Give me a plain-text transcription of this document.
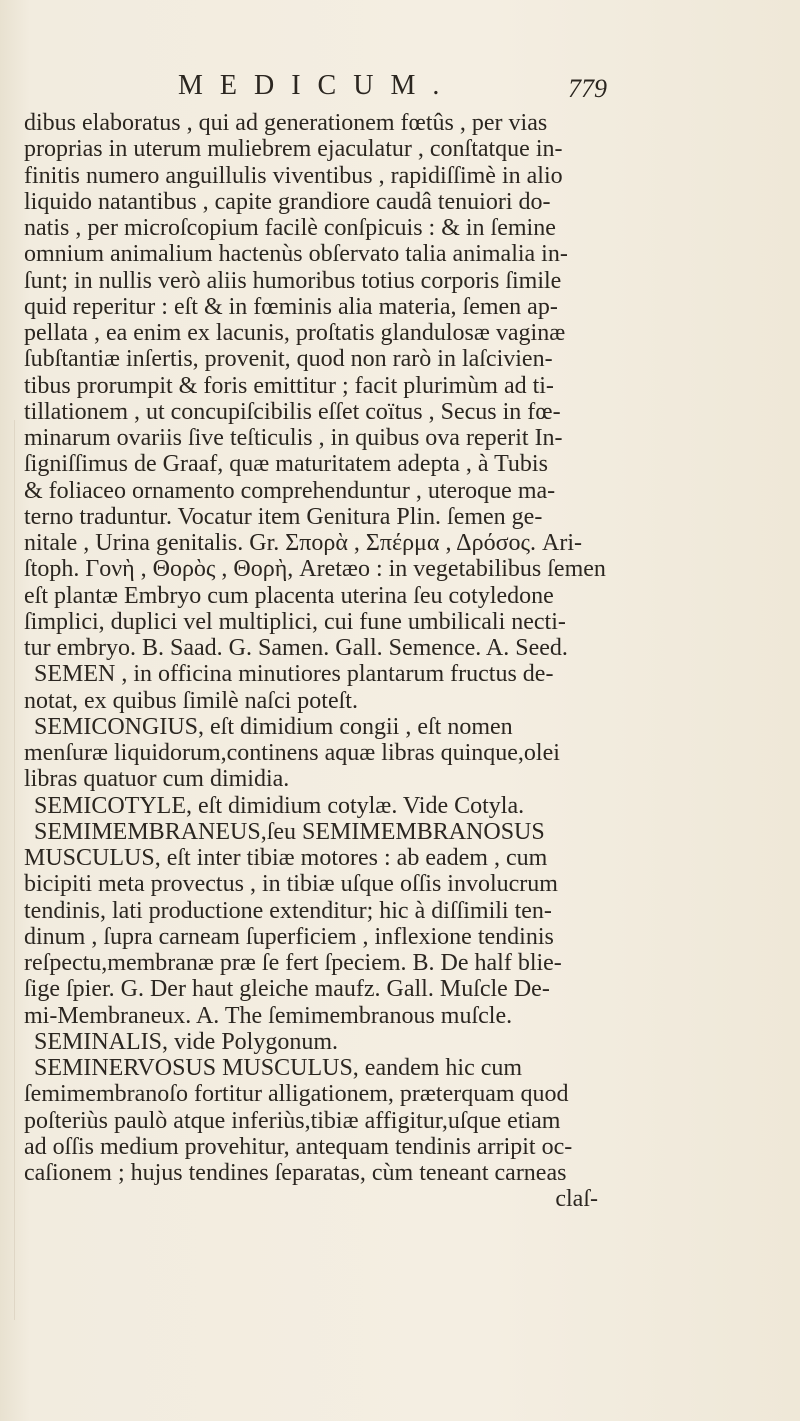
MEDICUM.	779
dibus elaboratus , qui ad generationem fœtûs , per vias
proprias in uterum muliebrem ejaculatur , conſtatque in-
finitis numero anguillulis viventibus , rapidiſſimè in alio
liquido natantibus , capite grandiore caudâ tenuiori do-
natis , per microſcopium facilè conſpicuis : & in ſemine
omnium animalium hactenùs obſervato talia animalia in-
ſunt; in nullis verò aliis humoribus totius corporis ſimile
quid reperitur : eſt & in fœminis alia materia, ſemen ap-
pellata , ea enim ex lacunis, proſtatis glandulosæ vaginæ
ſubſtantiæ inſertis, provenit, quod non rarò in laſcivien-
tibus prorumpit & foris emittitur ; facit plurimùm ad ti-
tillationem , ut concupiſcibilis eſſet coïtus , Secus in fœ-
minarum ovariis ſive teſticulis , in quibus ova reperit In-
ſigniſſimus de Graaf, quæ maturitatem adepta , à Tubis
& foliaceo ornamento comprehenduntur , uteroque ma-
terno traduntur. Vocatur item Genitura Plin. ſemen ge-
nitale , Urina genitalis. Gr. Σπορὰ , Σπέρμα , Δρόσος. Ari-
ſtoph. Γονὴ , Θορὸς , Θορὴ, Aretæo : in vegetabilibus ſemen
eſt plantæ Embryo cum placenta uterina ſeu cotyledone
ſimplici, duplici vel multiplici, cui fune umbilicali necti-
tur embryo. B. Saad. G. Samen. Gall. Semence. A. Seed.
SEMEN , in officina minutiores plantarum fructus de-
notat, ex quibus ſimilè naſci poteſt.
SEMICONGIUS, eſt dimidium congii , eſt nomen
menſuræ liquidorum,continens aquæ libras quinque,olei
libras quatuor cum dimidia.
SEMICOTYLE, eſt dimidium cotylæ. Vide Cotyla.
SEMIMEMBRANEUS,ſeu SEMIMEMBRANOSUS
MUSCULUS, eſt inter tibiæ motores : ab eadem , cum
bicipiti meta provectus , in tibiæ uſque oſſis involucrum
tendinis, lati productione extenditur; hic à diſſimili ten-
dinum , ſupra carneam ſuperficiem , inflexione tendinis
reſpectu,membranæ præ ſe fert ſpeciem. B. De half blie-
ſige ſpier. G. Der haut gleiche maufz. Gall. Muſcle De-
mi-Membraneux. A. The ſemimembranous muſcle.
SEMINALIS, vide Polygonum.
SEMINERVOSUS MUSCULUS, eandem hic cum
ſemimembranoſo fortitur alligationem, præterquam quod
poſteriùs paulò atque inferiùs,tibiæ affigitur,uſque etiam
ad oſſis medium provehitur, antequam tendinis arripit oc-
caſionem ; hujus tendines ſeparatas, cùm teneant carneas
claſ-
